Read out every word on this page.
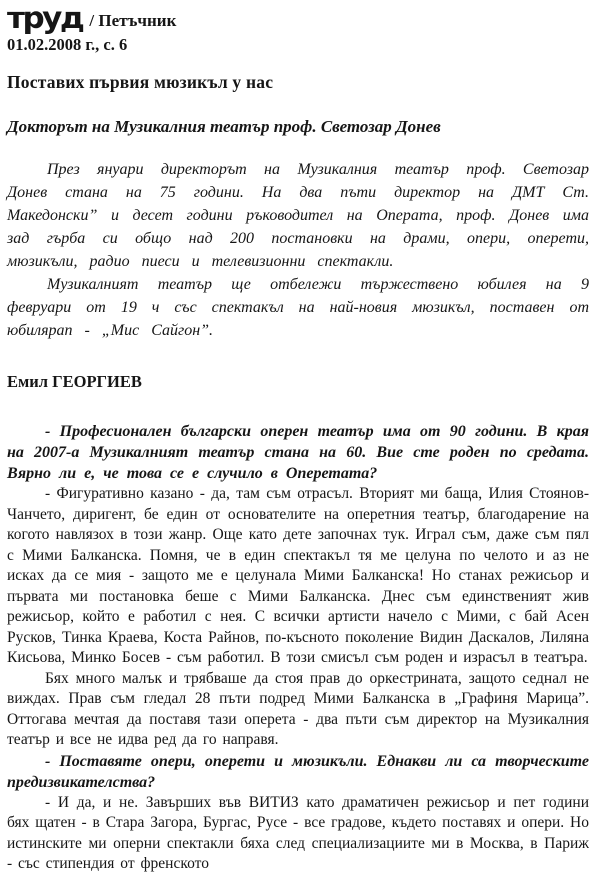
труд / Петъчник
01.02.2008 г., с. 6
Поставих първия мюзикъл у нас
Докторът на Музикалния театър проф. Светозар Донев

През януари директорът на Музикалния театър проф. Светозар Донев стана на 75 години. На два пъти директор на ДМТ Ст. Македонски” и десет години ръководител на Операта, проф. Донев има зад гърба си общо над 200 постановки на драми, опери, оперети, мюзикъли, радио пиеси и телевизионни спектакли.

Музикалният театър ще отбележи тържествено юбилея на 9 февруари от 19 ч със спектакъл на най-новия мюзикъл, поставен от юбилярап - „Мис Сайгон”.

Емил ГЕОРГИЕВ

- Професионален български оперен театър има от 90 години. В края на 2007-а Музикалният театър стана на 60. Вие сте роден по средата. Вярно ли е, че това се е случило в Оперетата?

- Фигуративно казано - да, там съм отрасъл. Вторият ми баща, Илия Стоянов-Чанчето, диригент, бе един от основателите на оперетния театър, благодарение на когото навлязох в този жанр. Още като дете започнах тук. Играл съм, даже съм пял с Мими Балканска. Помня, че в един спектакъл тя ме целуна по челото и аз не исках да се мия - защото ме е целунала Мими Балканска! Но станах режисьор и първата ми постановка беше с Мими Балканска. Днес съм единственият жив режисьор, който е работил с нея. С всички артисти начело с Мими, с бай Асен Русков, Тинка Краева, Коста Райнов, по-късното поколение Видин Даскалов, Лиляна Кисьова, Минко Босев - съм работил. В този смисъл съм роден и израсъл в театъра.

Бях много малък и трябваше да стоя прав до оркестрината, защото седнал не виждах. Прав съм гледал 28 пъти подред Мими Балканска в „Графиня Марица”. Оттогава мечтая да поставя тази оперета - два пъти съм директор на Музикалния театър и все не идва ред да го направя.

- Поставяте опери, оперети и мюзикъли. Еднакви ли са творческите предизвикателства?

- И да, и не. Завърших във ВИТИЗ като драматичен режисьор и пет години бях щатен - в Стара Загора, Бургас, Русе - все градове, където поставях и опери. Но истинските ми оперни спектакли бяха след специализациите ми в Москва, в Париж - със стипендия от френското
